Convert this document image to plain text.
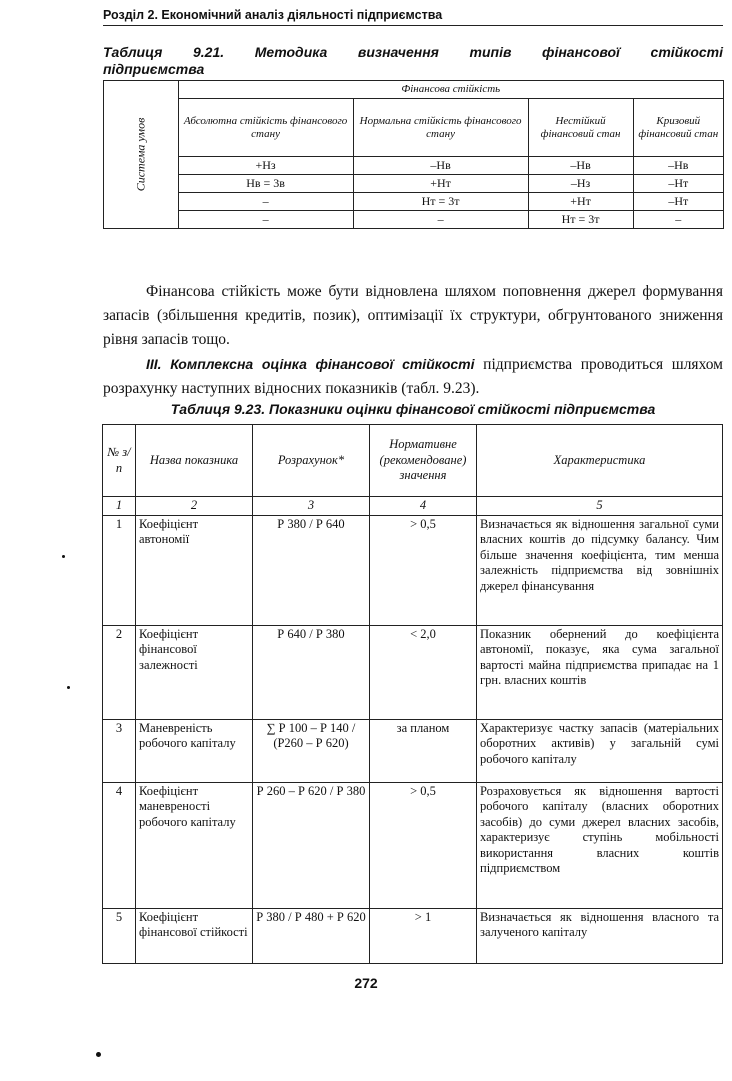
Розділ 2. Економічний аналіз діяльності підприємства
Таблиця 9.21. Методика визначення типів фінансової стійкості
підприємства
Система умов	Фінансова стійкість			
	Абсолютна стійкість фінансового стану	Нормальна стійкість фінансового стану	Нестійкий фінансовий стан	Кризовий фінансовий стан
	+Hз	–Hв	–Hв	–Hв
	Hв = 3в	+Hт	–Hз	–Hт
	–	Hт = 3т	+Hт	–Hт
	–	–	Hт = 3т	–
Фінансова стійкість може бути відновлена шляхом поповнення джерел формування запасів (збільшення кредитів, позик), оптимізації їх структури, обгрунтованого зниження рівня запасів тощо.
ІІІ. Комплексна оцінка фінансової стійкості підприємства проводиться шляхом розрахунку наступних відносних показників (табл. 9.23).
Таблиця 9.23. Показники оцінки фінансової стійкості підприємства
№ з/п	Назва показника	Розрахунок*	Нормативне (рекомендоване) значення	Характеристика
1	2	3	4	5
1	Коефіцієнт автономії	Р 380 / Р 640	> 0,5	Визначається як відношення загальної суми власних коштів до підсумку балансу. Чим більше значення коефіцієнта, тим менша залежність підприємства від зовнішніх джерел фінансування
2	Коефіцієнт фінансової залежності	Р 640 / Р 380	< 2,0	Показник обернений до коефіцієнта автономії, показує, яка сума загальної вартості майна підприємства припадає на 1 грн. власних коштів
3	Маневреність робочого капіталу	∑ Р 100 – Р 140 / (Р260 – Р 620)	за планом	Характеризує частку запасів (матеріальних оборотних активів) у загальній сумі робочого капіталу
4	Коефіцієнт маневреності робочого капіталу	Р 260 – Р 620 / Р 380	> 0,5	Розраховується як відношення вартості робочого капіталу (власних оборотних засобів) до суми джерел власних засобів, характеризує ступінь мобільності використання власних коштів підприємством
5	Коефіцієнт фінансової стійкості	Р 380 / Р 480 + Р 620	> 1	Визначається як відношення власного та залученого капіталу
272
